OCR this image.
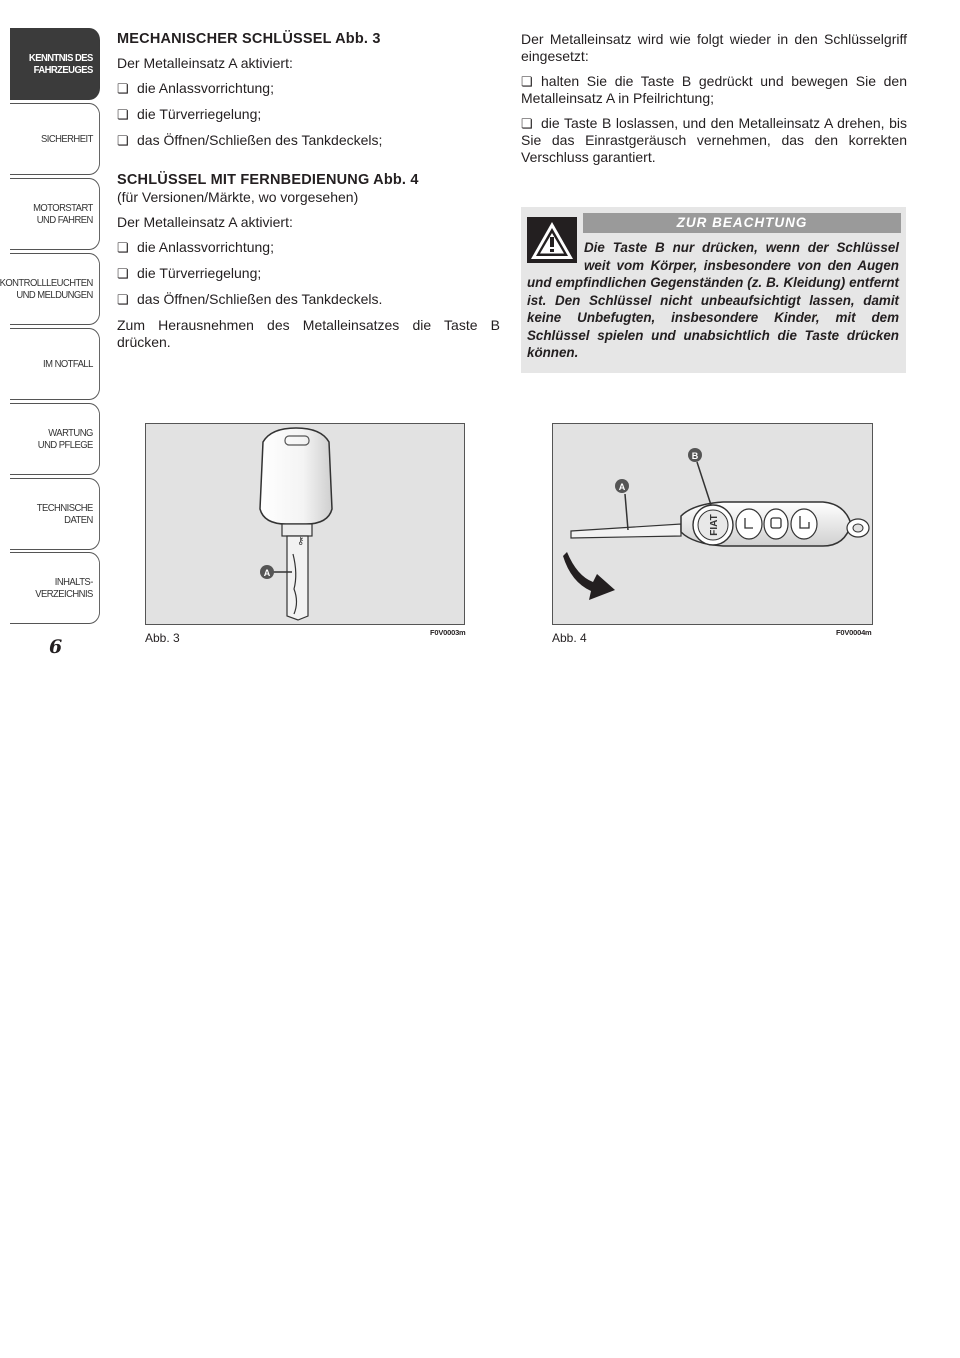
KENNTNIS DES
FAHRZEUGES
SICHERHEIT
MOTORSTART
UND FAHREN
KONTROLLLEUCHTEN
UND MELDUNGEN
IM NOTFALL
WARTUNG
UND PFLEGE
TECHNISCHE DATEN
INHALTS-
VERZEICHNIS
6

MECHANISCHER SCHLÜSSEL Abb. 3

Der Metalleinsatz A aktiviert:

❏ die Anlassvorrichtung;

❏ die Türverriegelung;

❏ das Öffnen/Schließen des Tankdeckels;

SCHLÜSSEL MIT FERNBEDIENUNG Abb. 4

(für Versionen/Märkte, wo vorgesehen)

Der Metalleinsatz A aktiviert:

❏ die Anlassvorrichtung;

❏ die Türverriegelung;

❏ das Öffnen/Schließen des Tankdeckels.

Zum Herausnehmen des Metalleinsatzes die Taste B drücken.

Der Metalleinsatz wird wie folgt wieder in den Schlüsselgriff eingesetzt:

❏ halten Sie die Taste B gedrückt und bewegen Sie den Metalleinsatz A in Pfeilrichtung;

❏ die Taste B loslassen, und den Metalleinsatz A drehen, bis Sie das Einrastgeräusch vernehmen, das den korrekten Verschluss garantiert.

ZUR BEACHTUNG
Die Taste B nur drücken, wenn der Schlüssel weit vom Körper, insbesondere von den Augen und empfindlichen Gegenständen (z. B. Kleidung) entfernt ist. Den Schlüssel nicht unbeaufsichtigt lassen, damit keine Unbefugten, insbesondere Kinder, mit dem Schlüssel spielen und unabsichtlich die Taste drücken können.
⚷
A
Abb. 3	F0V0003m
FIAT
A
B
Abb. 4	F0V0004m
